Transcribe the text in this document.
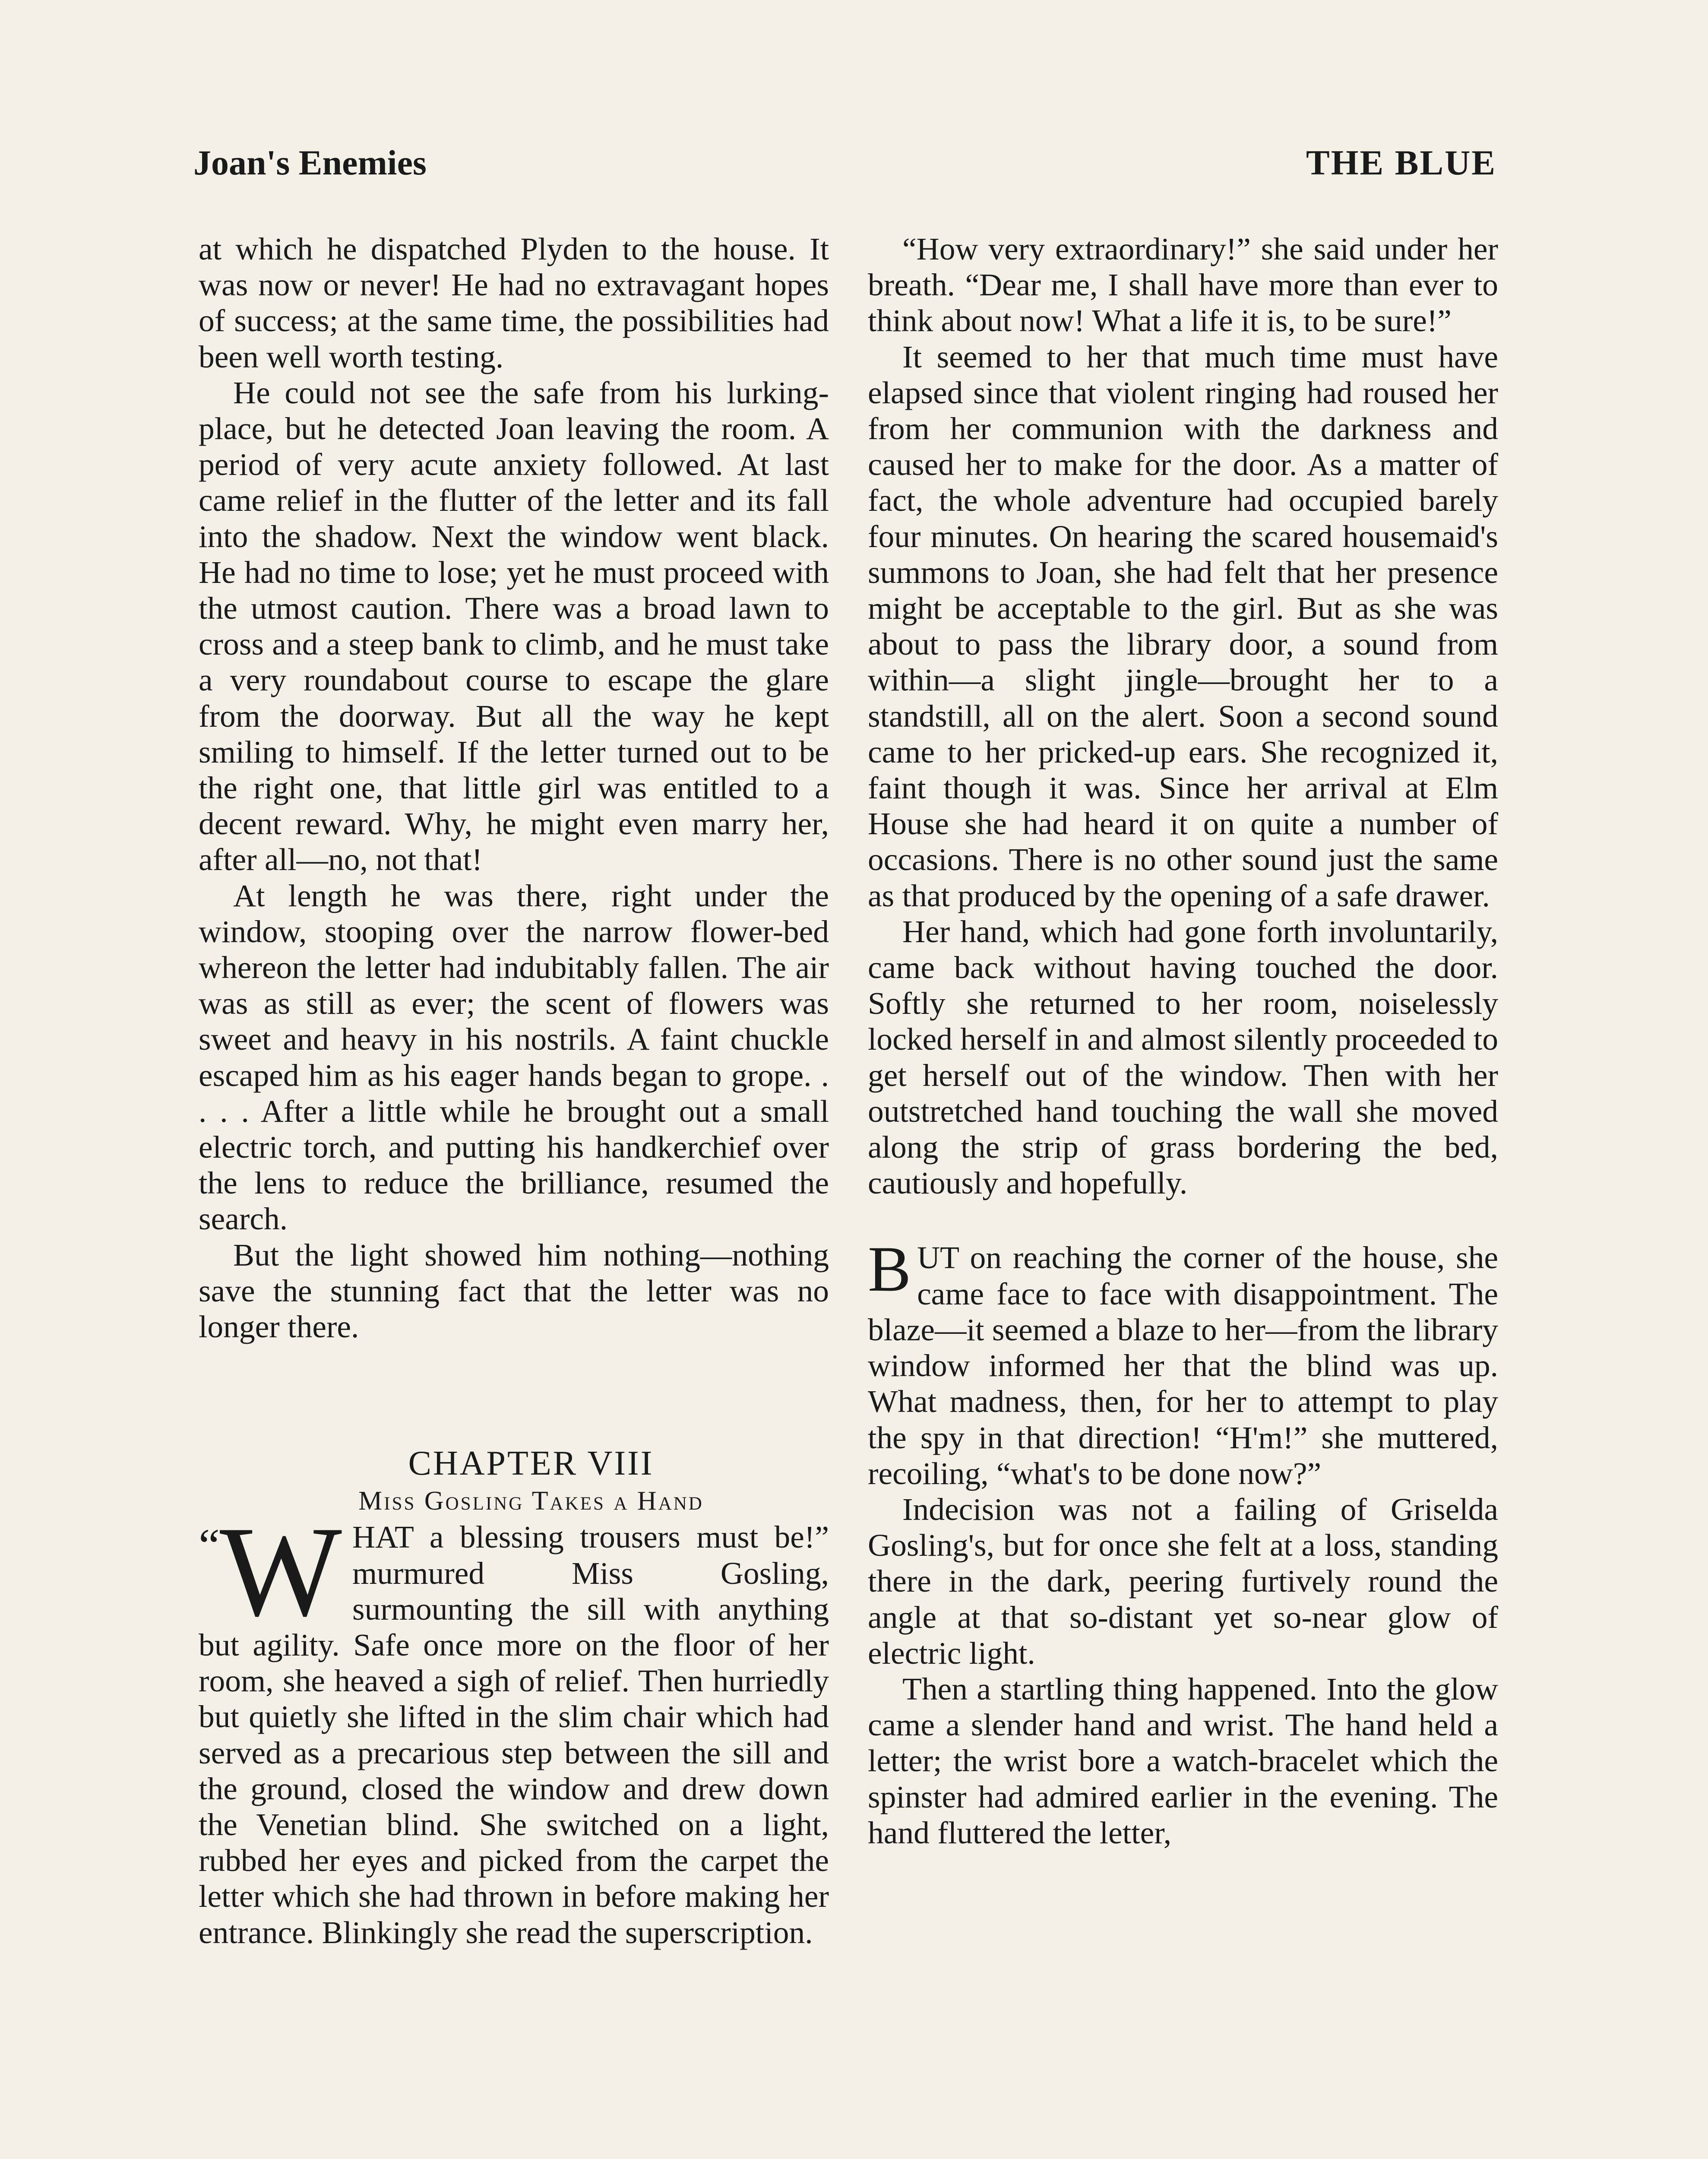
Joan's Enemies	THE BLUE

at which he dispatched Plyden to the house. It was now or never! He had no extravagant hopes of success; at the same time, the possibilities had been well worth testing.

He could not see the safe from his lurking-place, but he detected Joan leaving the room. A period of very acute anxiety followed. At last came relief in the flutter of the letter and its fall into the shadow. Next the window went black. He had no time to lose; yet he must proceed with the utmost caution. There was a broad lawn to cross and a steep bank to climb, and he must take a very roundabout course to escape the glare from the doorway. But all the way he kept smiling to himself. If the letter turned out to be the right one, that little girl was entitled to a decent reward. Why, he might even marry her, after all—no, not that!

At length he was there, right under the window, stooping over the narrow flower-bed whereon the letter had indubitably fallen. The air was as still as ever; the scent of flowers was sweet and heavy in his nostrils. A faint chuckle escaped him as his eager hands began to grope. . . . . After a little while he brought out a small electric torch, and putting his handkerchief over the lens to reduce the brilliance, resumed the search.

But the light showed him nothing—nothing save the stunning fact that the letter was no longer there.

CHAPTER VIII

Miss Gosling Takes a Hand

“W HAT a blessing trousers must be!” murmured Miss Gosling, surmounting the sill with anything but agility. Safe once more on the floor of her room, she heaved a sigh of relief. Then hurriedly but quietly she lifted in the slim chair which had served as a precarious step between the sill and the ground, closed the window and drew down the Venetian blind. She switched on a light, rubbed her eyes and picked from the carpet the letter which she had thrown in before making her entrance. Blinkingly she read the superscription.

“How very extraordinary!” she said under her breath. “Dear me, I shall have more than ever to think about now! What a life it is, to be sure!”

It seemed to her that much time must have elapsed since that violent ringing had roused her from her communion with the darkness and caused her to make for the door. As a matter of fact, the whole adventure had occupied barely four minutes. On hearing the scared housemaid's summons to Joan, she had felt that her presence might be acceptable to the girl. But as she was about to pass the library door, a sound from within—a slight jingle—brought her to a standstill, all on the alert. Soon a second sound came to her pricked-up ears. She recognized it, faint though it was. Since her arrival at Elm House she had heard it on quite a number of occasions. There is no other sound just the same as that produced by the opening of a safe drawer.

Her hand, which had gone forth involuntarily, came back without having touched the door. Softly she returned to her room, noiselessly locked herself in and almost silently proceeded to get herself out of the window. Then with her outstretched hand touching the wall she moved along the strip of grass bordering the bed, cautiously and hopefully.

BUT on reaching the corner of the house, she came face to face with disappointment. The blaze—it seemed a blaze to her—from the library window informed her that the blind was up. What madness, then, for her to attempt to play the spy in that direction! “H'm!” she muttered, recoiling, “what's to be done now?”

Indecision was not a failing of Griselda Gosling's, but for once she felt at a loss, standing there in the dark, peering furtively round the angle at that so-distant yet so-near glow of electric light.

Then a startling thing happened. Into the glow came a slender hand and wrist. The hand held a letter; the wrist bore a watch-bracelet which the spinster had admired earlier in the evening. The hand fluttered the letter,
